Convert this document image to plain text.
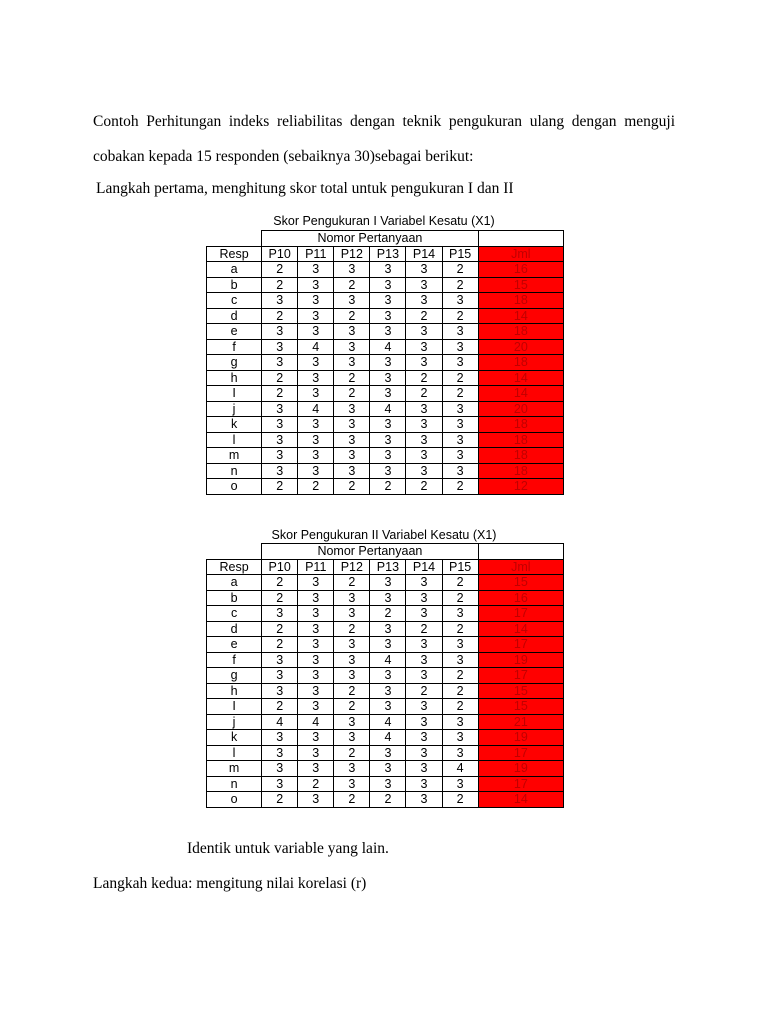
Contoh Perhitungan indeks reliabilitas dengan teknik pengukuran ulang dengan menguji
cobakan kepada 15 responden (sebaiknya 30)sebagai berikut:
Langkah pertama, menghitung skor total untuk pengukuran I dan II
Skor Pengukuran I Variabel Kesatu (X1)
	Nomor Pertanyaan						
Resp	P10	P11	P12	P13	P14	P15	Jml
a	2	3	3	3	3	2	16
b	2	3	2	3	3	2	15
c	3	3	3	3	3	3	18
d	2	3	2	3	2	2	14
e	3	3	3	3	3	3	18
f	3	4	3	4	3	3	20
g	3	3	3	3	3	3	18
h	2	3	2	3	2	2	14
I	2	3	2	3	2	2	14
j	3	4	3	4	3	3	20
k	3	3	3	3	3	3	18
l	3	3	3	3	3	3	18
m	3	3	3	3	3	3	18
n	3	3	3	3	3	3	18
o	2	2	2	2	2	2	12
Skor Pengukuran II Variabel Kesatu (X1)
	Nomor Pertanyaan						
Resp	P10	P11	P12	P13	P14	P15	Jml
a	2	3	2	3	3	2	15
b	2	3	3	3	3	2	16
c	3	3	3	2	3	3	17
d	2	3	2	3	2	2	14
e	2	3	3	3	3	3	17
f	3	3	3	4	3	3	19
g	3	3	3	3	3	2	17
h	3	3	2	3	2	2	15
I	2	3	2	3	3	2	15
j	4	4	3	4	3	3	21
k	3	3	3	4	3	3	19
l	3	3	2	3	3	3	17
m	3	3	3	3	3	4	19
n	3	2	3	3	3	3	17
o	2	3	2	2	3	2	14
Identik untuk variable yang lain.
Langkah kedua: mengitung nilai korelasi (r)
